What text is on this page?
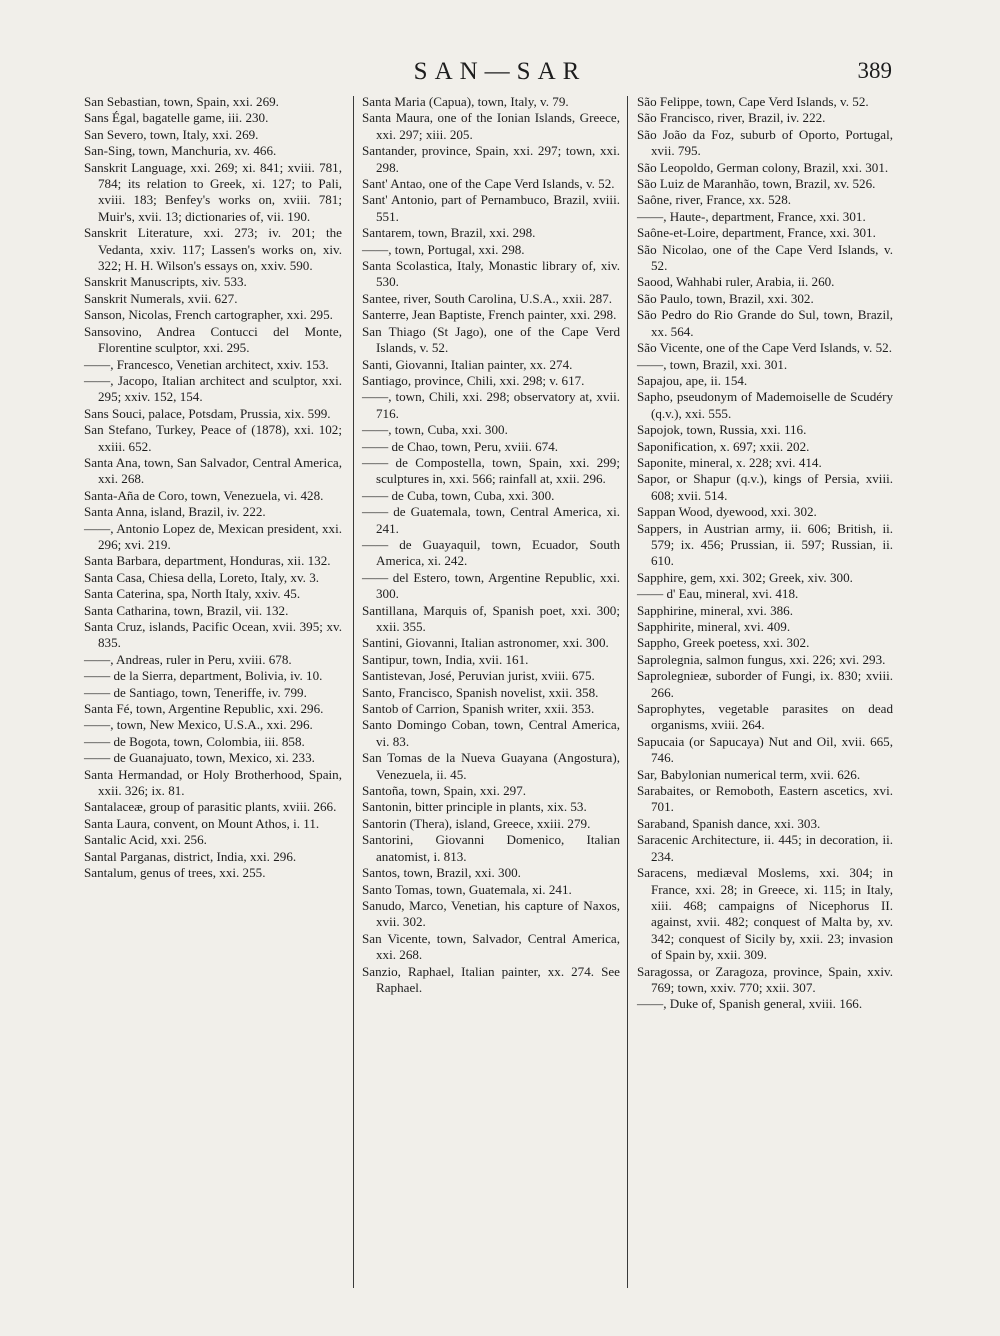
SAN—SAR	389

San Sebastian, town, Spain, xxi. 269.

Sans Égal, bagatelle game, iii. 230.

San Severo, town, Italy, xxi. 269.

San-Sing, town, Manchuria, xv. 466.

Sanskrit Language, xxi. 269; xi. 841; xviii. 781, 784; its relation to Greek, xi. 127; to Pali, xviii. 183; Benfey's works on, xviii. 781; Muir's, xvii. 13; dictionaries of, vii. 190.

Sanskrit Literature, xxi. 273; iv. 201; the Vedanta, xxiv. 117; Lassen's works on, xiv. 322; H. H. Wilson's essays on, xxiv. 590.

Sanskrit Manuscripts, xiv. 533.

Sanskrit Numerals, xvii. 627.

Sanson, Nicolas, French cartographer, xxi. 295.

Sansovino, Andrea Contucci del Monte, Florentine sculptor, xxi. 295.

——, Francesco, Venetian architect, xxiv. 153.

——, Jacopo, Italian architect and sculptor, xxi. 295; xxiv. 152, 154.

Sans Souci, palace, Potsdam, Prussia, xix. 599.

San Stefano, Turkey, Peace of (1878), xxi. 102; xxiii. 652.

Santa Ana, town, San Salvador, Central America, xxi. 268.

Santa-Aña de Coro, town, Venezuela, vi. 428.

Santa Anna, island, Brazil, iv. 222.

——, Antonio Lopez de, Mexican president, xxi. 296; xvi. 219.

Santa Barbara, department, Honduras, xii. 132.

Santa Casa, Chiesa della, Loreto, Italy, xv. 3.

Santa Caterina, spa, North Italy, xxiv. 45.

Santa Catharina, town, Brazil, vii. 132.

Santa Cruz, islands, Pacific Ocean, xvii. 395; xv. 835.

——, Andreas, ruler in Peru, xviii. 678.

—— de la Sierra, department, Bolivia, iv. 10.

—— de Santiago, town, Teneriffe, iv. 799.

Santa Fé, town, Argentine Republic, xxi. 296.

——, town, New Mexico, U.S.A., xxi. 296.

—— de Bogota, town, Colombia, iii. 858.

—— de Guanajuato, town, Mexico, xi. 233.

Santa Hermandad, or Holy Brotherhood, Spain, xxii. 326; ix. 81.

Santalaceæ, group of parasitic plants, xviii. 266.

Santa Laura, convent, on Mount Athos, i. 11.

Santalic Acid, xxi. 256.

Santal Parganas, district, India, xxi. 296.

Santalum, genus of trees, xxi. 255.

Santa Maria (Capua), town, Italy, v. 79.

Santa Maura, one of the Ionian Islands, Greece, xxi. 297; xiii. 205.

Santander, province, Spain, xxi. 297; town, xxi. 298.

Sant' Antao, one of the Cape Verd Islands, v. 52.

Sant' Antonio, part of Pernambuco, Brazil, xviii. 551.

Santarem, town, Brazil, xxi. 298.

——, town, Portugal, xxi. 298.

Santa Scolastica, Italy, Monastic library of, xiv. 530.

Santee, river, South Carolina, U.S.A., xxii. 287.

Santerre, Jean Baptiste, French painter, xxi. 298.

San Thiago (St Jago), one of the Cape Verd Islands, v. 52.

Santi, Giovanni, Italian painter, xx. 274.

Santiago, province, Chili, xxi. 298; v. 617.

——, town, Chili, xxi. 298; observatory at, xvii. 716.

——, town, Cuba, xxi. 300.

—— de Chao, town, Peru, xviii. 674.

—— de Compostella, town, Spain, xxi. 299; sculptures in, xxi. 566; rainfall at, xxii. 296.

—— de Cuba, town, Cuba, xxi. 300.

—— de Guatemala, town, Central America, xi. 241.

—— de Guayaquil, town, Ecuador, South America, xi. 242.

—— del Estero, town, Argentine Republic, xxi. 300.

Santillana, Marquis of, Spanish poet, xxi. 300; xxii. 355.

Santini, Giovanni, Italian astronomer, xxi. 300.

Santipur, town, India, xvii. 161.

Santistevan, José, Peruvian jurist, xviii. 675.

Santo, Francisco, Spanish novelist, xxii. 358.

Santob of Carrion, Spanish writer, xxii. 353.

Santo Domingo Coban, town, Central America, vi. 83.

San Tomas de la Nueva Guayana (Angostura), Venezuela, ii. 45.

Santoña, town, Spain, xxi. 297.

Santonin, bitter principle in plants, xix. 53.

Santorin (Thera), island, Greece, xxiii. 279.

Santorini, Giovanni Domenico, Italian anatomist, i. 813.

Santos, town, Brazil, xxi. 300.

Santo Tomas, town, Guatemala, xi. 241.

Sanudo, Marco, Venetian, his capture of Naxos, xvii. 302.

San Vicente, town, Salvador, Central America, xxi. 268.

Sanzio, Raphael, Italian painter, xx. 274. See Raphael.

São Felippe, town, Cape Verd Islands, v. 52.

São Francisco, river, Brazil, iv. 222.

São João da Foz, suburb of Oporto, Portugal, xvii. 795.

São Leopoldo, German colony, Brazil, xxi. 301.

São Luiz de Maranhão, town, Brazil, xv. 526.

Saône, river, France, xx. 528.

——, Haute-, department, France, xxi. 301.

Saône-et-Loire, department, France, xxi. 301.

São Nicolao, one of the Cape Verd Islands, v. 52.

Saood, Wahhabi ruler, Arabia, ii. 260.

São Paulo, town, Brazil, xxi. 302.

São Pedro do Rio Grande do Sul, town, Brazil, xx. 564.

São Vicente, one of the Cape Verd Islands, v. 52.

——, town, Brazil, xxi. 301.

Sapajou, ape, ii. 154.

Sapho, pseudonym of Mademoiselle de Scudéry (q.v.), xxi. 555.

Sapojok, town, Russia, xxi. 116.

Saponification, x. 697; xxii. 202.

Saponite, mineral, x. 228; xvi. 414.

Sapor, or Shapur (q.v.), kings of Persia, xviii. 608; xvii. 514.

Sappan Wood, dyewood, xxi. 302.

Sappers, in Austrian army, ii. 606; British, ii. 579; ix. 456; Prussian, ii. 597; Russian, ii. 610.

Sapphire, gem, xxi. 302; Greek, xiv. 300.

—— d' Eau, mineral, xvi. 418.

Sapphirine, mineral, xvi. 386.

Sapphirite, mineral, xvi. 409.

Sappho, Greek poetess, xxi. 302.

Saprolegnia, salmon fungus, xxi. 226; xvi. 293.

Saprolegnieæ, suborder of Fungi, ix. 830; xviii. 266.

Saprophytes, vegetable parasites on dead organisms, xviii. 264.

Sapucaia (or Sapucaya) Nut and Oil, xvii. 665, 746.

Sar, Babylonian numerical term, xvii. 626.

Sarabaites, or Remoboth, Eastern ascetics, xvi. 701.

Saraband, Spanish dance, xxi. 303.

Saracenic Architecture, ii. 445; in decoration, ii. 234.

Saracens, mediæval Moslems, xxi. 304; in France, xxi. 28; in Greece, xi. 115; in Italy, xiii. 468; campaigns of Nicephorus II. against, xvii. 482; conquest of Malta by, xv. 342; conquest of Sicily by, xxii. 23; invasion of Spain by, xxii. 309.

Saragossa, or Zaragoza, province, Spain, xxiv. 769; town, xxiv. 770; xxii. 307.

——, Duke of, Spanish general, xviii. 166.
